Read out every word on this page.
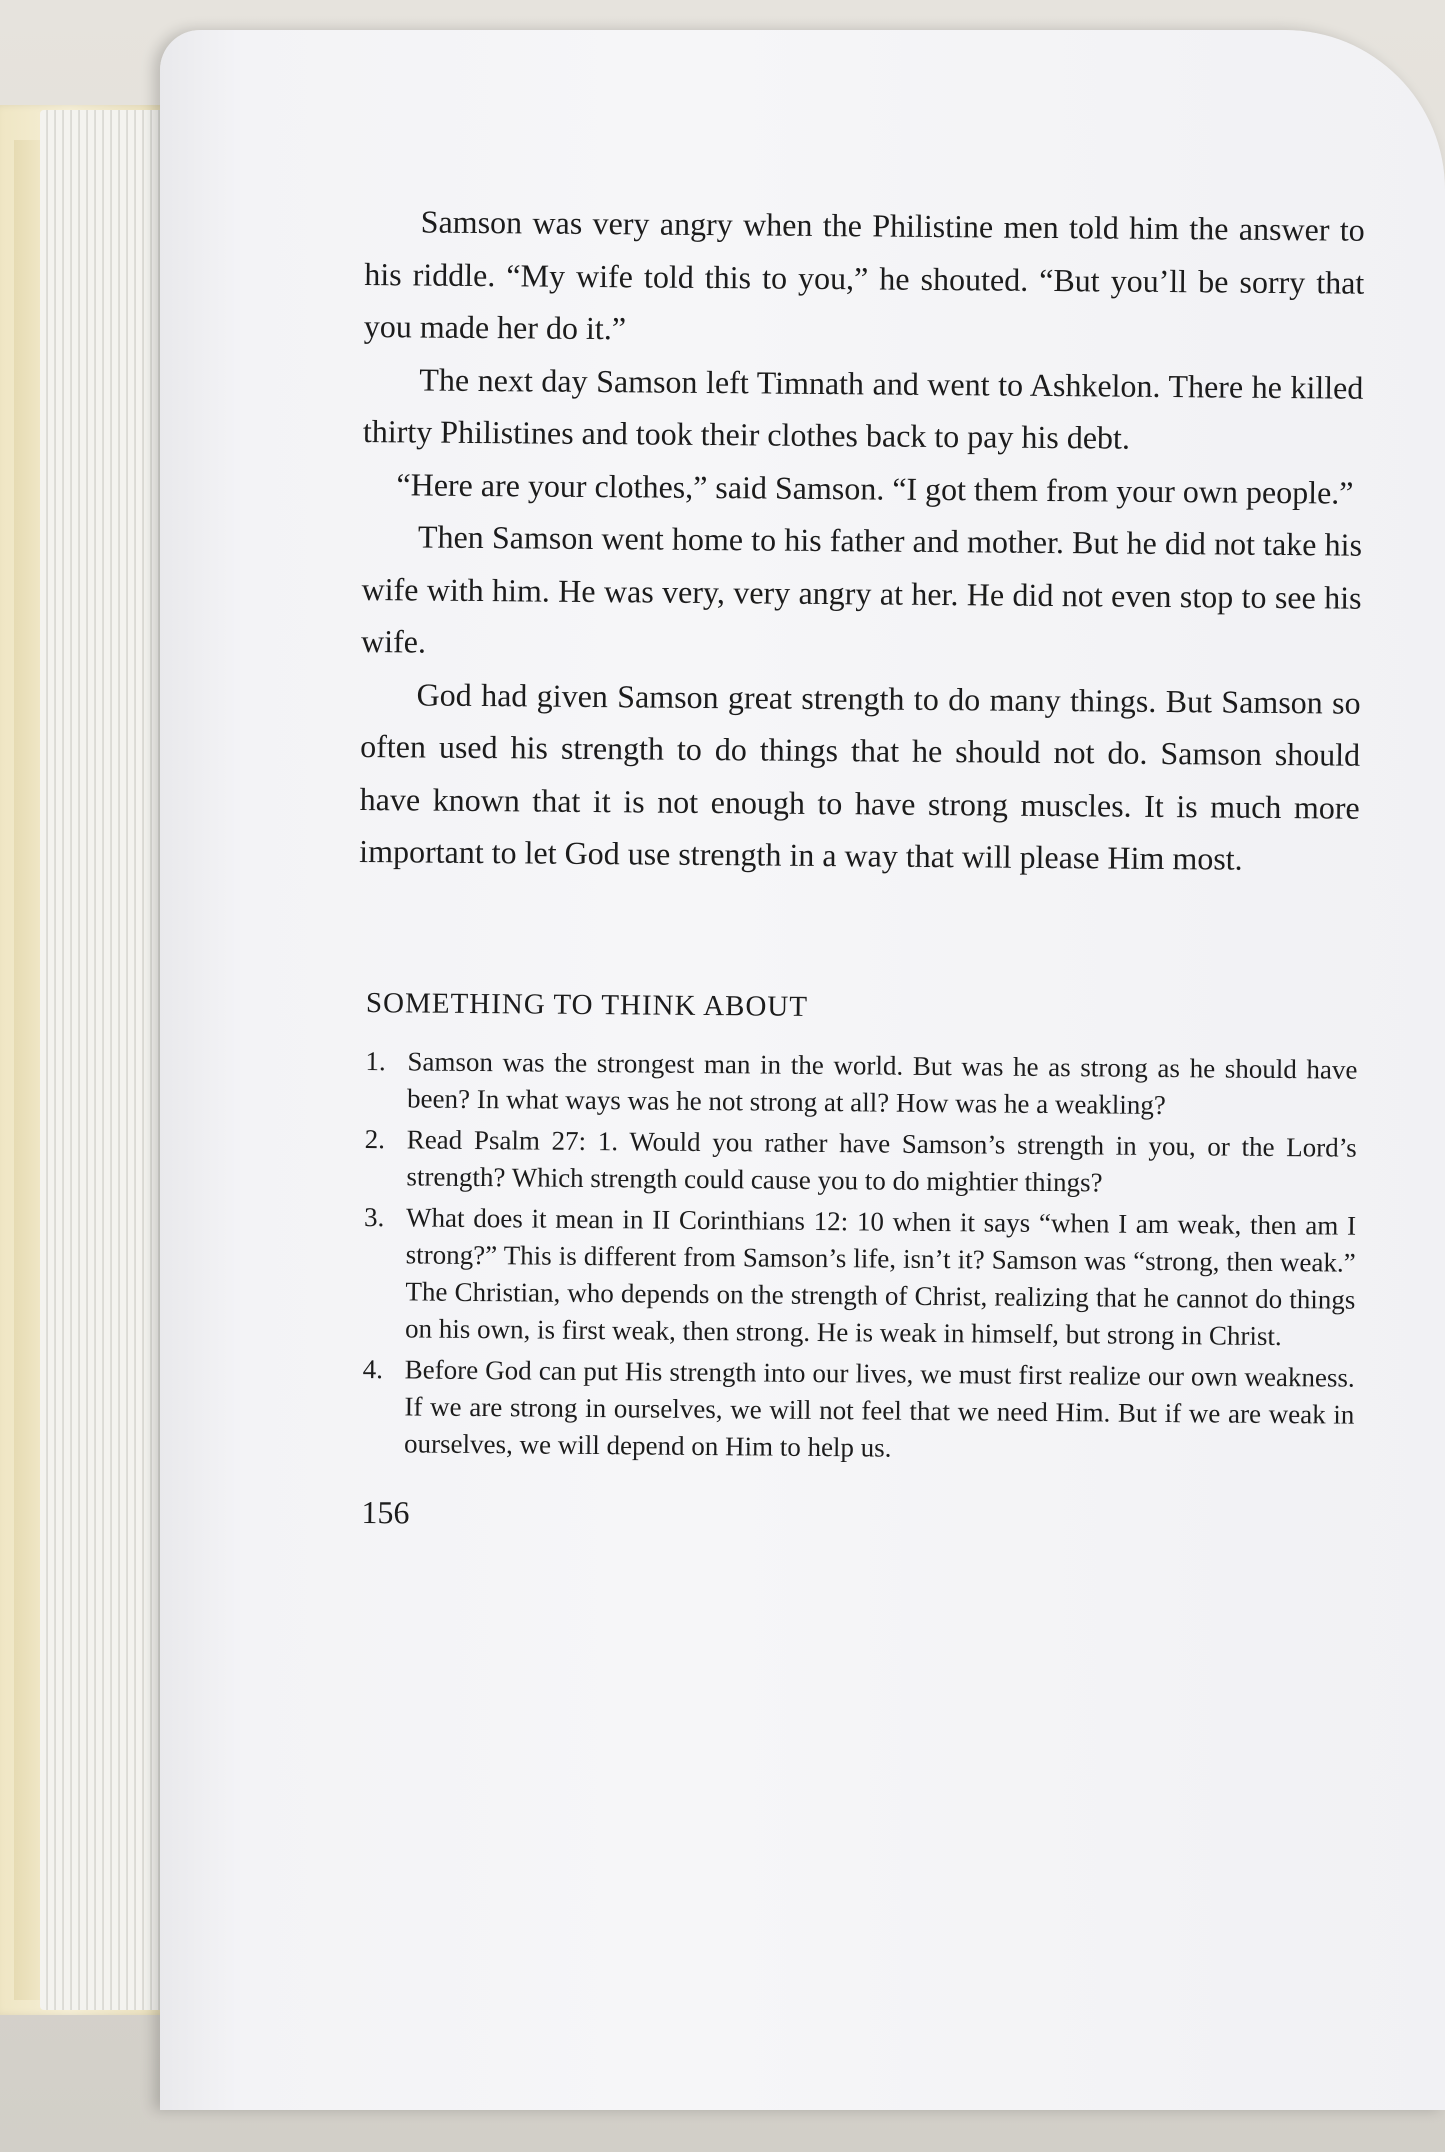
Samson was very angry when the Philistine men told him the answer to his riddle. “My wife told this to you,” he shouted. “But you’ll be sorry that you made her do it.”

The next day Samson left Timnath and went to Ashkelon. There he killed thirty Philistines and took their clothes back to pay his debt.

“Here are your clothes,” said Samson. “I got them from your own people.”

Then Samson went home to his father and mother. But he did not take his wife with him. He was very, very angry at her. He did not even stop to see his wife.

God had given Samson great strength to do many things. But Samson so often used his strength to do things that he should not do. Samson should have known that it is not enough to have strong muscles. It is much more important to let God use strength in a way that will please Him most.

SOMETHING TO THINK ABOUT
1. Samson was the strongest man in the world. But was he as strong as he should have been? In what ways was he not strong at all? How was he a weakling?
2. Read Psalm 27: 1. Would you rather have Samson’s strength in you, or the Lord’s strength? Which strength could cause you to do mightier things?
3. What does it mean in II Corinthians 12: 10 when it says “when I am weak, then am I strong?” This is different from Samson’s life, isn’t it? Samson was “strong, then weak.” The Christian, who depends on the strength of Christ, realizing that he cannot do things on his own, is first weak, then strong. He is weak in himself, but strong in Christ.
4. Before God can put His strength into our lives, we must first realize our own weakness. If we are strong in ourselves, we will not feel that we need Him. But if we are weak in ourselves, we will depend on Him to help us.
156
